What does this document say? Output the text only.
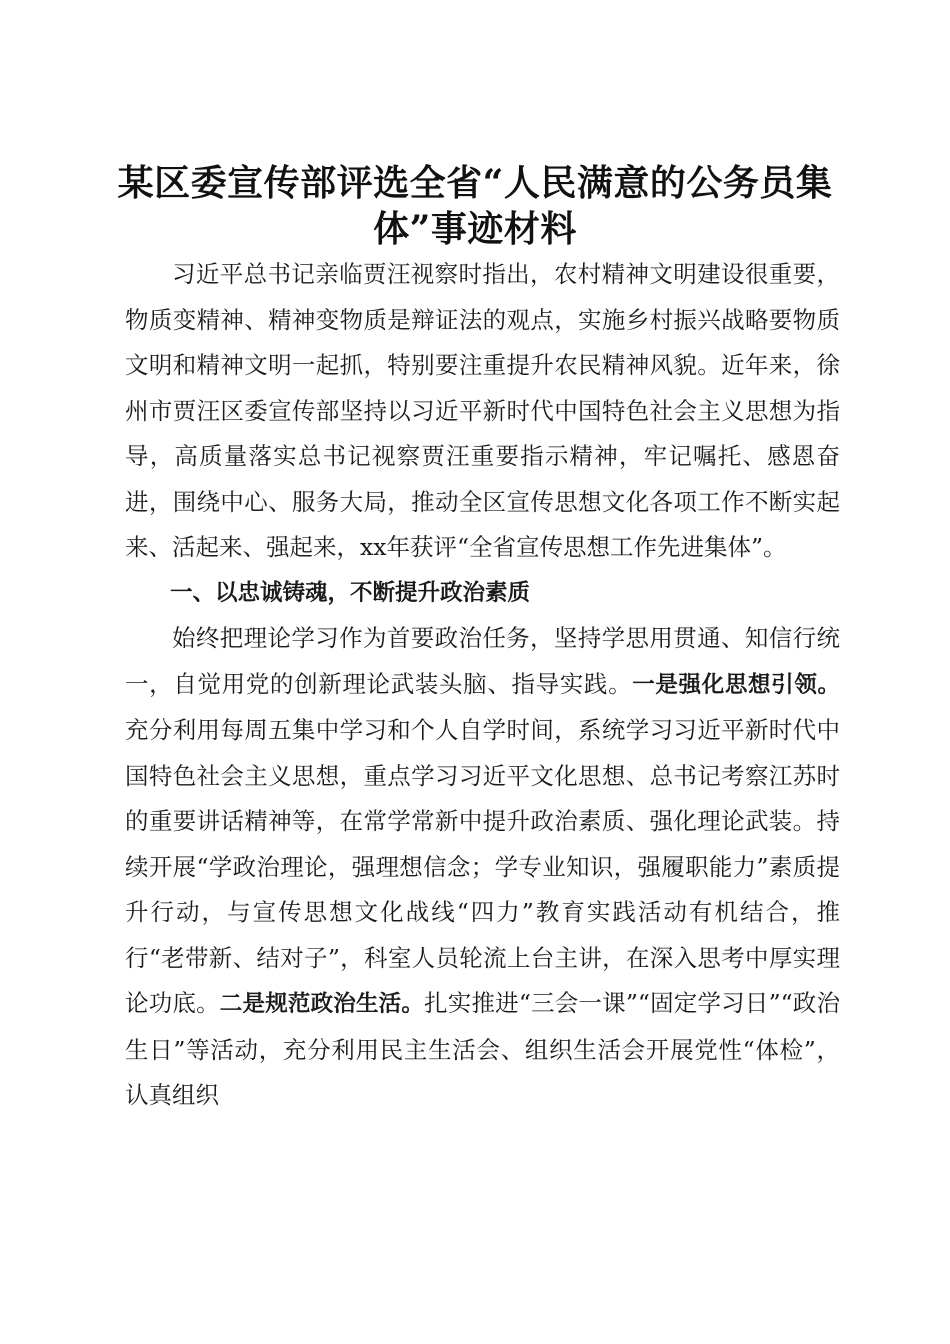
某区委宣传部评选全省“人民满意的公务员集体”事迹材料

习近平总书记亲临贾汪视察时指出，农村精神文明建设很重要，物质变精神、精神变物质是辩证法的观点，实施乡村振兴战略要物质文明和精神文明一起抓，特别要注重提升农民精神风貌。近年来，徐州市贾汪区委宣传部坚持以习近平新时代中国特色社会主义思想为指导，高质量落实总书记视察贾汪重要指示精神，牢记嘱托、感恩奋进，围绕中心、服务大局，推动全区宣传思想文化各项工作不断实起来、活起来、强起来，xx年获评“全省宣传思想工作先进集体”。

一、以忠诚铸魂，不断提升政治素质

始终把理论学习作为首要政治任务，坚持学思用贯通、知信行统一，自觉用党的创新理论武装头脑、指导实践。一是强化思想引领。充分利用每周五集中学习和个人自学时间，系统学习习近平新时代中国特色社会主义思想，重点学习习近平文化思想、总书记考察江苏时的重要讲话精神等，在常学常新中提升政治素质、强化理论武装。持续开展“学政治理论，强理想信念；学专业知识，强履职能力”素质提升行动，与宣传思想文化战线“四力”教育实践活动有机结合，推行“老带新、结对子”，科室人员轮流上台主讲，在深入思考中厚实理论功底。二是规范政治生活。扎实推进“三会一课”“固定学习日”“政治生日”等活动，充分利用民主生活会、组织生活会开展党性“体检”，认真组织
